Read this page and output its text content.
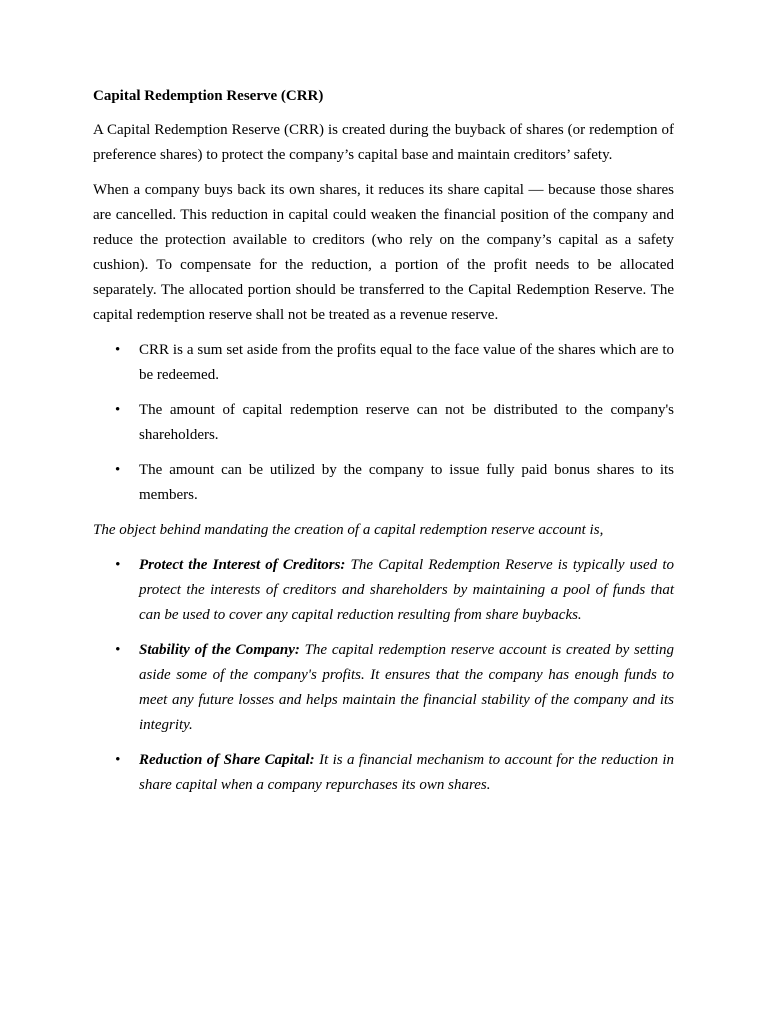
Capital Redemption Reserve (CRR)

A Capital Redemption Reserve (CRR) is created during the buyback of shares (or redemption of preference shares) to protect the company’s capital base and maintain creditors’ safety.

When a company buys back its own shares, it reduces its share capital — because those shares are cancelled. This reduction in capital could weaken the financial position of the company and reduce the protection available to creditors (who rely on the company’s capital as a safety cushion). To compensate for the reduction, a portion of the profit needs to be allocated separately. The allocated portion should be transferred to the Capital Redemption Reserve. The capital redemption reserve shall not be treated as a revenue reserve.

• CRR is a sum set aside from the profits equal to the face value of the shares which are to be redeemed.
• The amount of capital redemption reserve can not be distributed to the company's shareholders.
• The amount can be utilized by the company to issue fully paid bonus shares to its members.
The object behind mandating the creation of a capital redemption reserve account is,
• Protect the Interest of Creditors: The Capital Redemption Reserve is typically used to protect the interests of creditors and shareholders by maintaining a pool of funds that can be used to cover any capital reduction resulting from share buybacks.
• Stability of the Company: The capital redemption reserve account is created by setting aside some of the company's profits. It ensures that the company has enough funds to meet any future losses and helps maintain the financial stability of the company and its integrity.
• Reduction of Share Capital: It is a financial mechanism to account for the reduction in share capital when a company repurchases its own shares.
